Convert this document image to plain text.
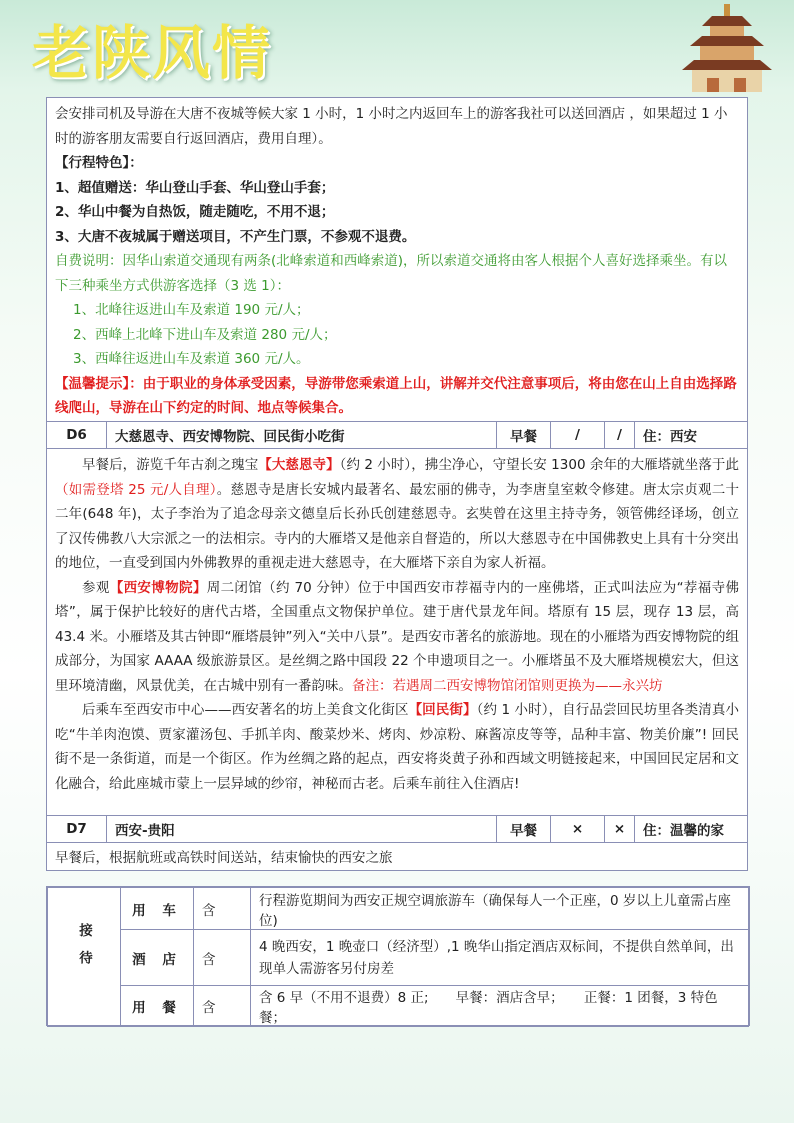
老陕风情

会安排司机及导游在大唐不夜城等候大家 1 小时，1 小时之内返回车上的游客我社可以送回酒店 ，如果超过 1 小时的游客朋友需要自行返回酒店，费用自理）。

【行程特色】：

1、超值赠送：华山登山手套、华山登山手套；

2、华山中餐为自热饭，随走随吃，不用不退；

3、大唐不夜城属于赠送项目，不产生门票，不参观不退费。

自费说明：因华山索道交通现有两条(北峰索道和西峰索道)，所以索道交通将由客人根据个人喜好选择乘坐。有以下三种乘坐方式供游客选择（3 选 1）：

1、北峰往返进山车及索道 190 元/人；

2、西峰上北峰下进山车及索道 280 元/人；

3、西峰往返进山车及索道 360 元/人。

【温馨提示】：由于职业的身体承受因素，导游带您乘索道上山，讲解并交代注意事项后，将由您在山上自由选择路线爬山，导游在山下约定的时间、地点等候集合。

D6	大慈恩寺、西安博物院、回民街小吃街	早餐	/	/	住：西安

早餐后，游览千年古刹之瑰宝【大慈恩寺】（约 2 小时），拂尘净心，守望长安 1300 余年的大雁塔就坐落于此（如需登塔 25 元/人自理）。慈恩寺是唐长安城内最著名、最宏丽的佛寺，为李唐皇室敕令修建。唐太宗贞观二十二年(648 年)，太子李治为了追念母亲文德皇后长孙氏创建慈恩寺。玄奘曾在这里主持寺务，领管佛经译场，创立了汉传佛教八大宗派之一的法相宗。寺内的大雁塔又是他亲自督造的，所以大慈恩寺在中国佛教史上具有十分突出的地位，一直受到国内外佛教界的重视走进大慈恩寺，在大雁塔下亲自为家人祈福。

参观【西安博物院】周二闭馆（约 70 分钟）位于中国西安市荐福寺内的一座佛塔，正式叫法应为“荐福寺佛塔”，属于保护比较好的唐代古塔，全国重点文物保护单位。建于唐代景龙年间。塔原有 15 层，现存 13 层，高 43.4 米。小雁塔及其古钟即“雁塔晨钟”列入“关中八景”。是西安市著名的旅游地。现在的小雁塔为西安博物院的组成部分，为国家 AAAA 级旅游景区。是丝绸之路中国段 22 个申遗项目之一。小雁塔虽不及大雁塔规模宏大，但这里环境清幽，风景优美，在古城中别有一番韵味。备注：若遇周二西安博物馆闭馆则更换为——永兴坊

后乘车至西安市中心——西安著名的坊上美食文化街区【回民街】（约 1 小时），自行品尝回民坊里各类清真小吃“牛羊肉泡馍、贾家灌汤包、手抓羊肉、酸菜炒米、烤肉、炒凉粉、麻酱凉皮等等，品种丰富、物美价廉”! 回民街不是一条街道，而是一个街区。作为丝绸之路的起点，西安将炎黄子孙和西域文明链接起来，中国回民定居和文化融合，给此座城市蒙上一层异域的纱帘，神秘而古老。后乘车前往入住酒店!

D7	西安-贵阳	早餐	×	×	住：温馨的家

早餐后，根据航班或高铁时间送站，结束愉快的西安之旅

接待	用 车	含	行程游览期间为西安正规空调旅游车（确保每人一个正座，0 岁以上儿童需占座位)
	酒 店	含	4 晚西安，1 晚壶口（经济型）,1 晚华山指定酒店双标间，不提供自然单间，出现单人需游客另付房差
	用 餐	含	含 6 早（不用不退费）8 正;　　早餐：酒店含早；　　正餐：1 团餐，3 特色餐；
